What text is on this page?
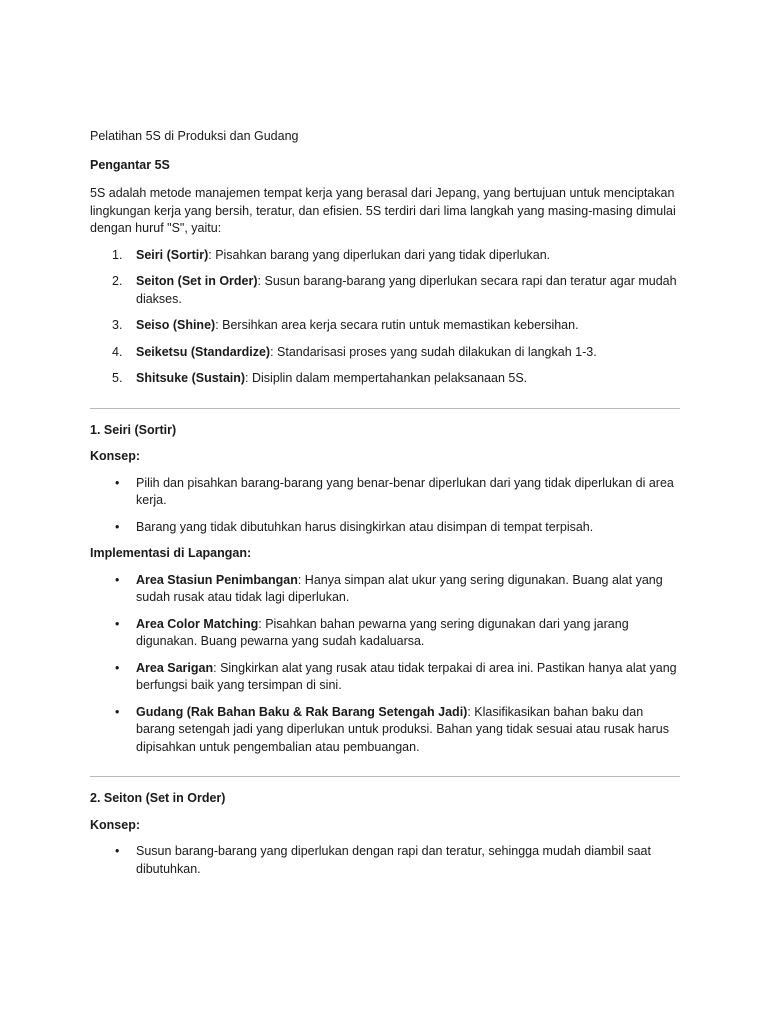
Pelatihan 5S di Produksi dan Gudang

Pengantar 5S

5S adalah metode manajemen tempat kerja yang berasal dari Jepang, yang bertujuan untuk menciptakan lingkungan kerja yang bersih, teratur, dan efisien. 5S terdiri dari lima langkah yang masing-masing dimulai dengan huruf "S", yaitu:

1. Seiri (Sortir): Pisahkan barang yang diperlukan dari yang tidak diperlukan.
2. Seiton (Set in Order): Susun barang-barang yang diperlukan secara rapi dan teratur agar mudah diakses.
3. Seiso (Shine): Bersihkan area kerja secara rutin untuk memastikan kebersihan.
4. Seiketsu (Standardize): Standarisasi proses yang sudah dilakukan di langkah 1-3.
5. Shitsuke (Sustain): Disiplin dalam mempertahankan pelaksanaan 5S.

1. Seiri (Sortir)

Konsep:

• Pilih dan pisahkan barang-barang yang benar-benar diperlukan dari yang tidak diperlukan di area kerja.
• Barang yang tidak dibutuhkan harus disingkirkan atau disimpan di tempat terpisah.

Implementasi di Lapangan:

• Area Stasiun Penimbangan: Hanya simpan alat ukur yang sering digunakan. Buang alat yang sudah rusak atau tidak lagi diperlukan.
• Area Color Matching: Pisahkan bahan pewarna yang sering digunakan dari yang jarang digunakan. Buang pewarna yang sudah kadaluarsa.
• Area Sarigan: Singkirkan alat yang rusak atau tidak terpakai di area ini. Pastikan hanya alat yang berfungsi baik yang tersimpan di sini.
• Gudang (Rak Bahan Baku & Rak Barang Setengah Jadi): Klasifikasikan bahan baku dan barang setengah jadi yang diperlukan untuk produksi. Bahan yang tidak sesuai atau rusak harus dipisahkan untuk pengembalian atau pembuangan.

2. Seiton (Set in Order)

Konsep:

• Susun barang-barang yang diperlukan dengan rapi dan teratur, sehingga mudah diambil saat dibutuhkan.
